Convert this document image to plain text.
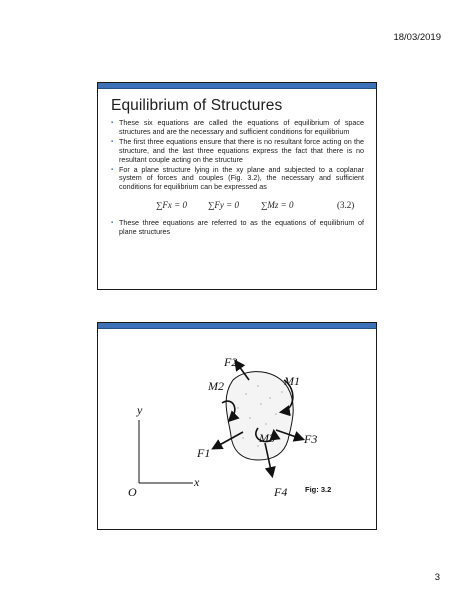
18/03/2019
Equilibrium of Structures
▪ These six equations are called the equations of equilibrium of space structures and are the necessary and sufficient conditions for equilibrium
▪ The first three equations ensure that there is no resultant force acting on the structure, and the last three equations express the fact that there is no resultant couple acting on the structure
▪ For a plane structure lying in the xy plane and subjected to a coplanar system of forces and couples (Fig. 3.2), the necessary and sufficient conditions for equilibrium can be expressed as
∑Fx = 0 ∑Fy = 0 ∑Mz = 0	(3.2)
▪ These three equations are referred to as the equations of equilibrium of plane structures
F2
M1
M2
F3
M3
F1
F4
x
y
O	Fig: 3.2
3
